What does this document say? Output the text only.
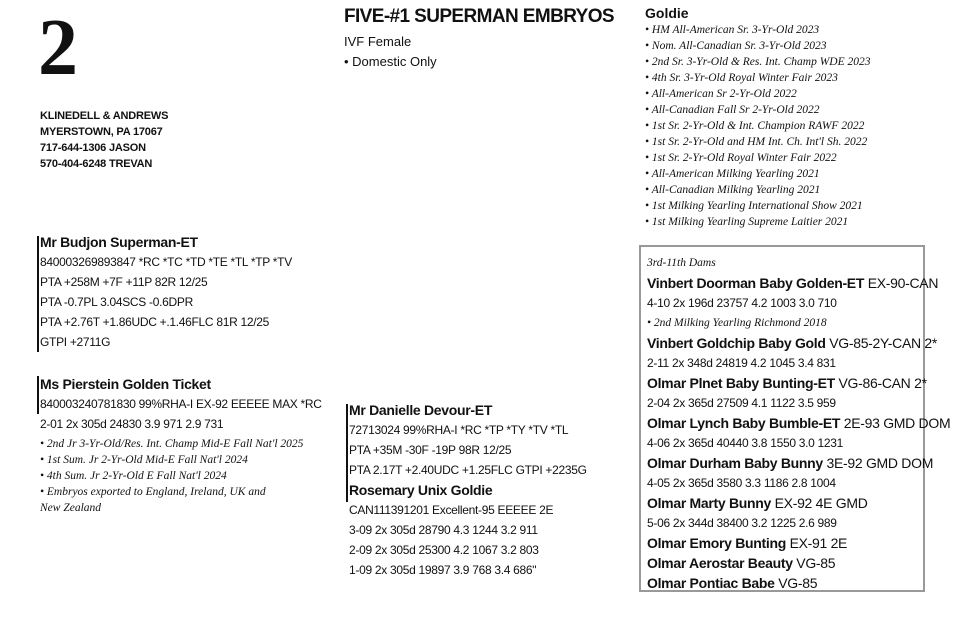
2
KLINEDELL & ANDREWS
MYERSTOWN, PA 17067
717-644-1306 JASON
570-404-6248 TREVAN
FIVE-#1 SUPERMAN EMBRYOS
IVF Female
• Domestic Only
Goldie
• HM All-American Sr. 3-Yr-Old 2023
• Nom. All-Canadian Sr. 3-Yr-Old 2023
• 2nd Sr. 3-Yr-Old & Res. Int. Champ WDE 2023
• 4th Sr. 3-Yr-Old Royal Winter Fair 2023
• All-American Sr 2-Yr-Old 2022
• All-Canadian Fall Sr 2-Yr-Old 2022
• 1st Sr. 2-Yr-Old & Int. Champion RAWF 2022
• 1st Sr. 2-Yr-Old and HM Int. Ch. Int'l Sh. 2022
• 1st Sr. 2-Yr-Old Royal Winter Fair 2022
• All-American Milking Yearling 2021
• All-Canadian Milking Yearling 2021
• 1st Milking Yearling International Show 2021
• 1st Milking Yearling Supreme Laitier 2021
Mr Budjon Superman-ET
840003269893847 *RC *TC *TD *TE *TL *TP *TV
PTA +258M +7F +11P 82R 12/25
PTA -0.7PL 3.04SCS -0.6DPR
PTA +2.76T +1.86UDC +.1.46FLC 81R 12/25
GTPI +2711G
Ms Pierstein Golden Ticket
840003240781830 99%RHA-I EX-92 EEEEE MAX *RC
2-01 2x 305d 24830 3.9 971 2.9 731
• 2nd Jr 3-Yr-Old/Res. Int. Champ Mid-E Fall Nat'l 2025
• 1st Sum. Jr 2-Yr-Old Mid-E Fall Nat'l 2024
• 4th Sum. Jr 2-Yr-Old E Fall Nat'l 2024
• Embryos exported to England, Ireland, UK and
New Zealand
Mr Danielle Devour-ET
72713024 99%RHA-I *RC *TP *TY *TV *TL
PTA +35M -30F -19P 98R 12/25
PTA 2.17T +2.40UDC +1.25FLC GTPI +2235G
Rosemary Unix Goldie
CAN111391201 Excellent-95 EEEEE 2E
3-09 2x 305d 28790 4.3 1244 3.2 911
2-09 2x 305d 25300 4.2 1067 3.2 803
1-09 2x 305d 19897 3.9 768 3.4 686"
3rd-11th Dams
Vinbert Doorman Baby Golden-ET EX-90-CAN
4-10 2x 196d 23757 4.2 1003 3.0 710
• 2nd Milking Yearling Richmond 2018
Vinbert Goldchip Baby Gold VG-85-2Y-CAN 2*
2-11 2x 348d 24819 4.2 1045 3.4 831
Olmar Plnet Baby Bunting-ET VG-86-CAN 2*
2-04 2x 365d 27509 4.1 1122 3.5 959
Olmar Lynch Baby Bumble-ET 2E-93 GMD DOM
4-06 2x 365d 40440 3.8 1550 3.0 1231
Olmar Durham Baby Bunny 3E-92 GMD DOM
4-05 2x 365d 3580 3.3 1186 2.8 1004
Olmar Marty Bunny EX-92 4E GMD
5-06 2x 344d 38400 3.2 1225 2.6 989
Olmar Emory Bunting EX-91 2E
Olmar Aerostar Beauty VG-85
Olmar Pontiac Babe VG-85
